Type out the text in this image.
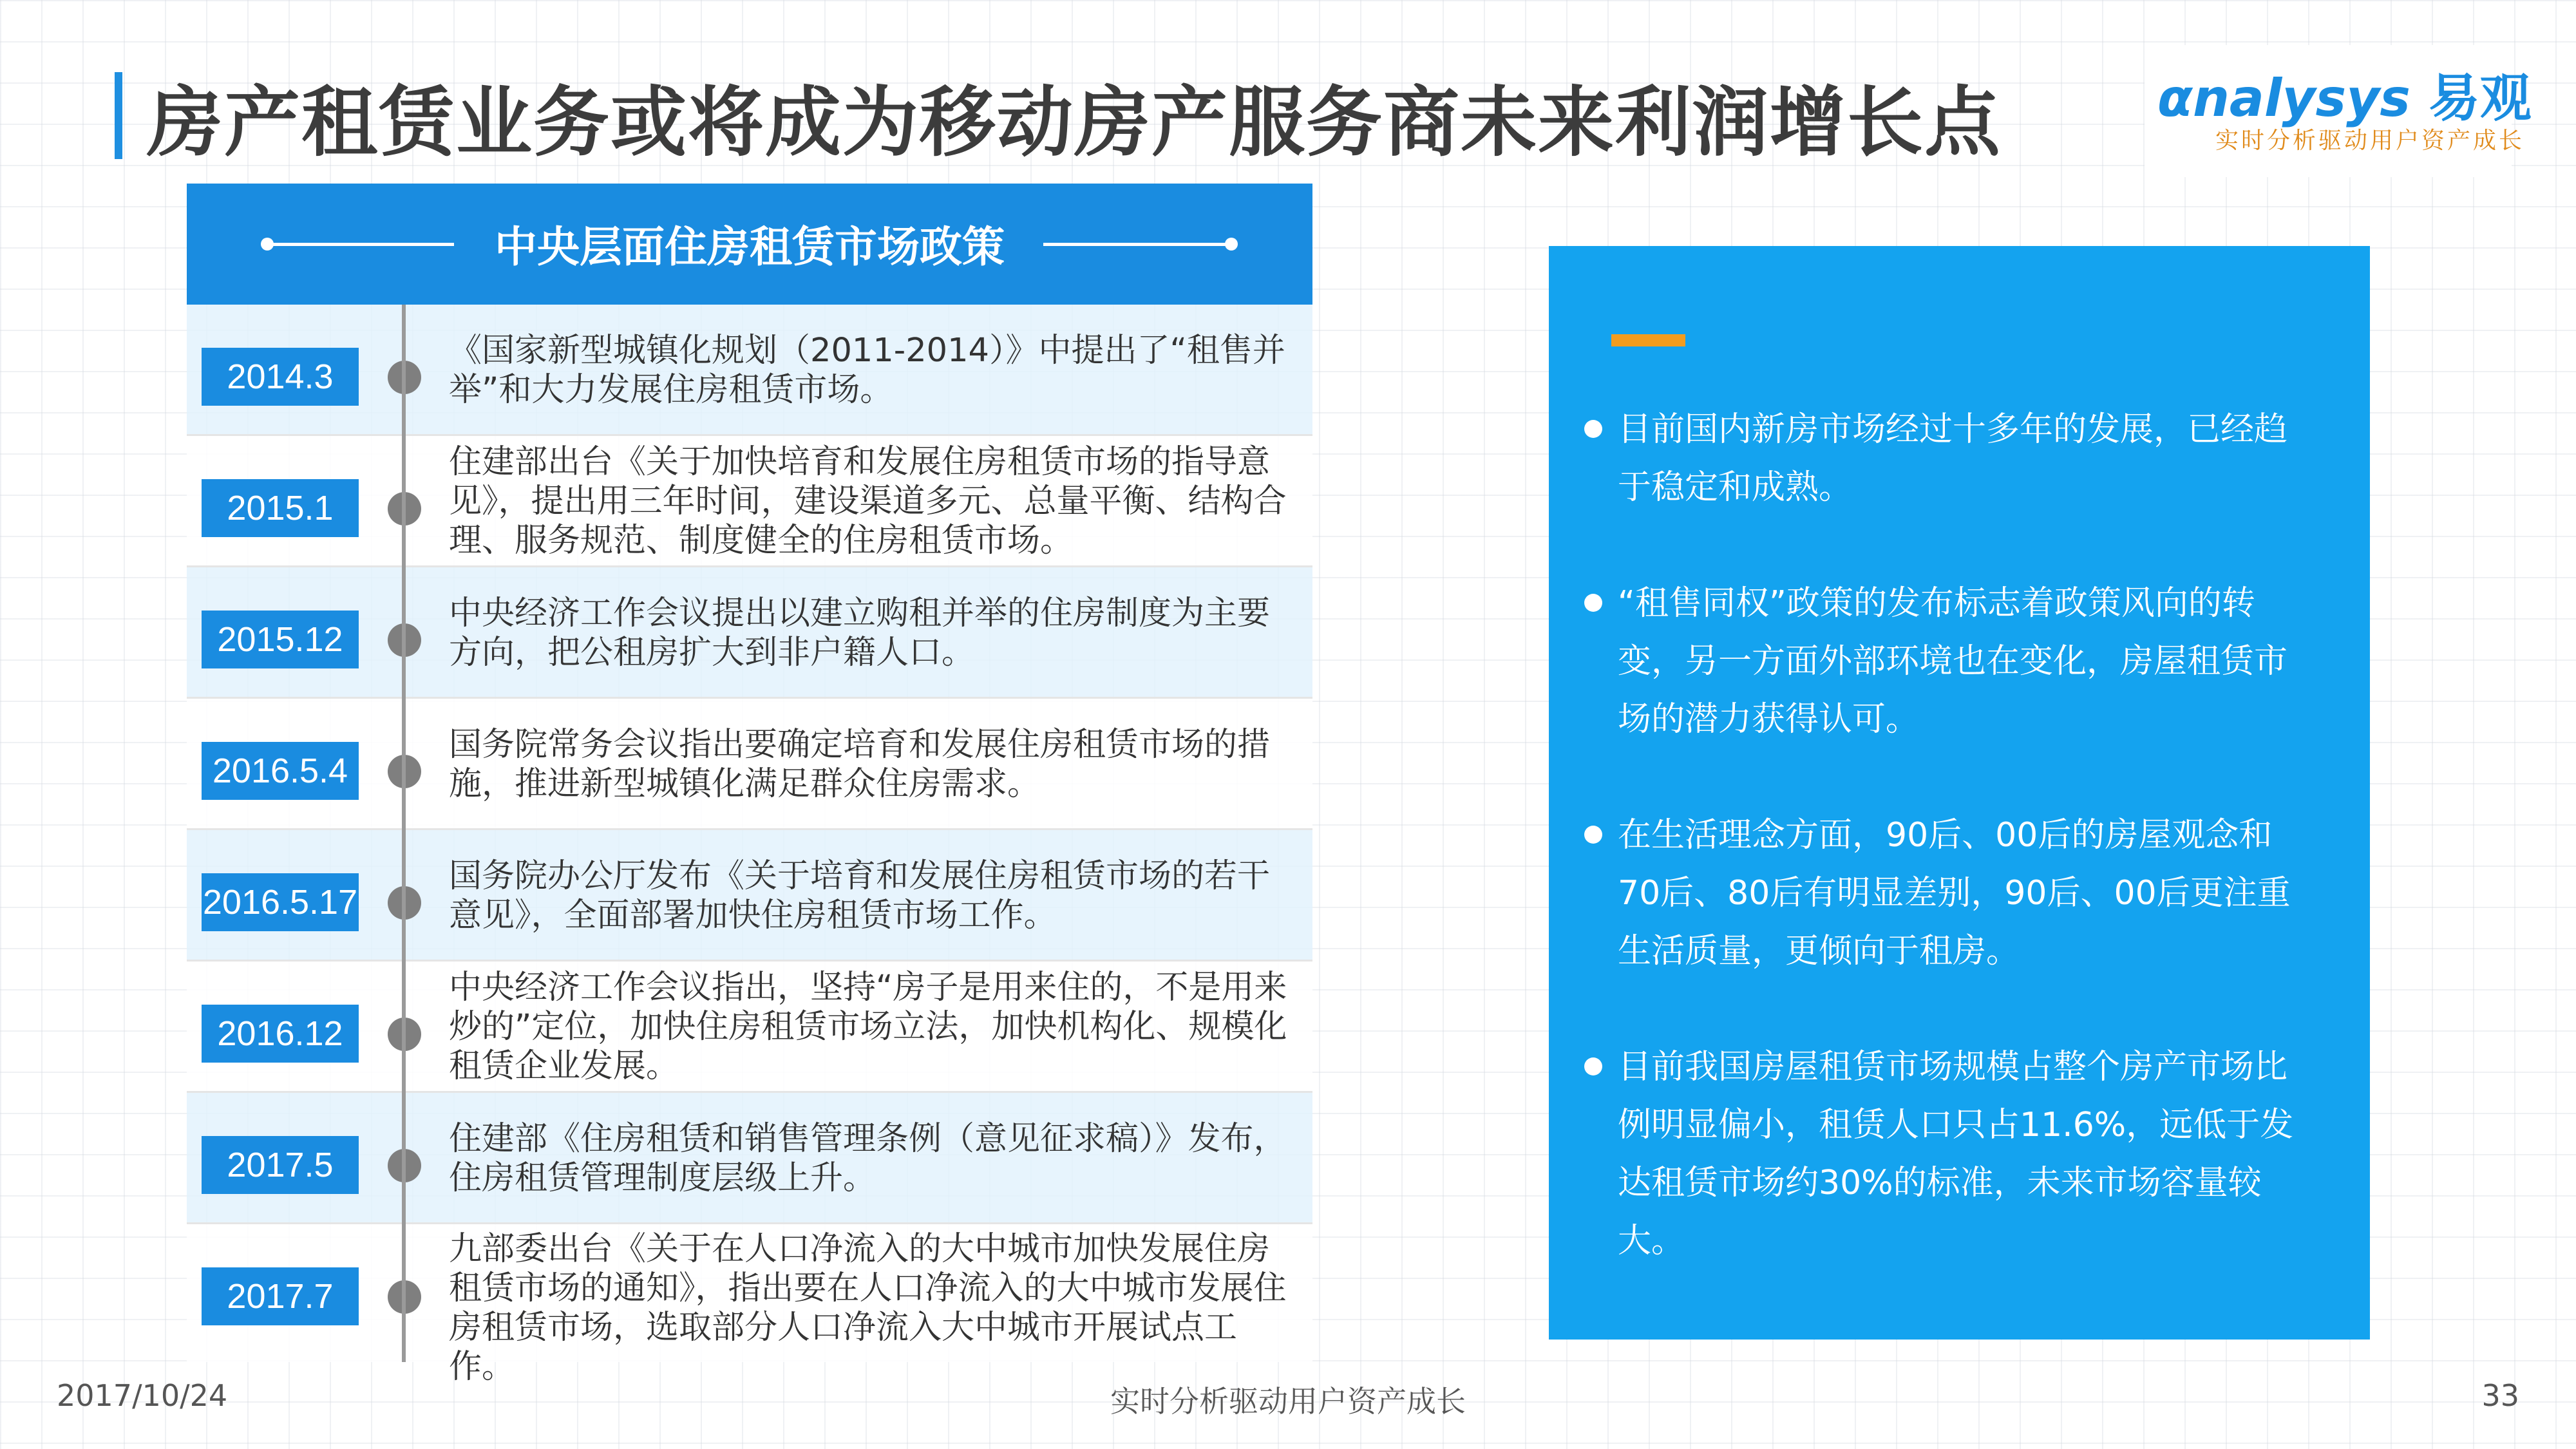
房产租赁业务或将成为移动房产服务商未来利润增长点	αnalysys 易观
实时分析驱动用户资产成长
中央层面住房租赁市场政策
2014.3
《国家新型城镇化规划（2011-2014）》中提出了“租售并举”和大力发展住房租赁市场。
2015.1
住建部出台《关于加快培育和发展住房租赁市场的指导意见》，提出用三年时间，建设渠道多元、总量平衡、结构合理、服务规范、制度健全的住房租赁市场。
2015.12
中央经济工作会议提出以建立购租并举的住房制度为主要方向，把公租房扩大到非户籍人口。
2016.5.4
国务院常务会议指出要确定培育和发展住房租赁市场的措施，推进新型城镇化满足群众住房需求。
2016.5.17
国务院办公厅发布《关于培育和发展住房租赁市场的若干意见》，全面部署加快住房租赁市场工作。
2016.12
中央经济工作会议指出，坚持“房子是用来住的，不是用来炒的”定位，加快住房租赁市场立法，加快机构化、规模化租赁企业发展。
2017.5
住建部《住房租赁和销售管理条例（意见征求稿）》发布，住房租赁管理制度层级上升。
2017.7
九部委出台《关于在人口净流入的大中城市加快发展住房租赁市场的通知》，指出要在人口净流入的大中城市发展住房租赁市场，选取部分人口净流入大中城市开展试点工作。
目前国内新房市场经过十多年的发展，已经趋于稳定和成熟。
“租售同权”政策的发布标志着政策风向的转变，另一方面外部环境也在变化，房屋租赁市场的潜力获得认可。
在生活理念方面，90后、00后的房屋观念和70后、80后有明显差别，90后、00后更注重生活质量，更倾向于租房。
目前我国房屋租赁市场规模占整个房产市场比例明显偏小，租赁人口只占11.6%，远低于发达租赁市场约30%的标准，未来市场容量较大。
2017/10/24	实时分析驱动用户资产成长	33
